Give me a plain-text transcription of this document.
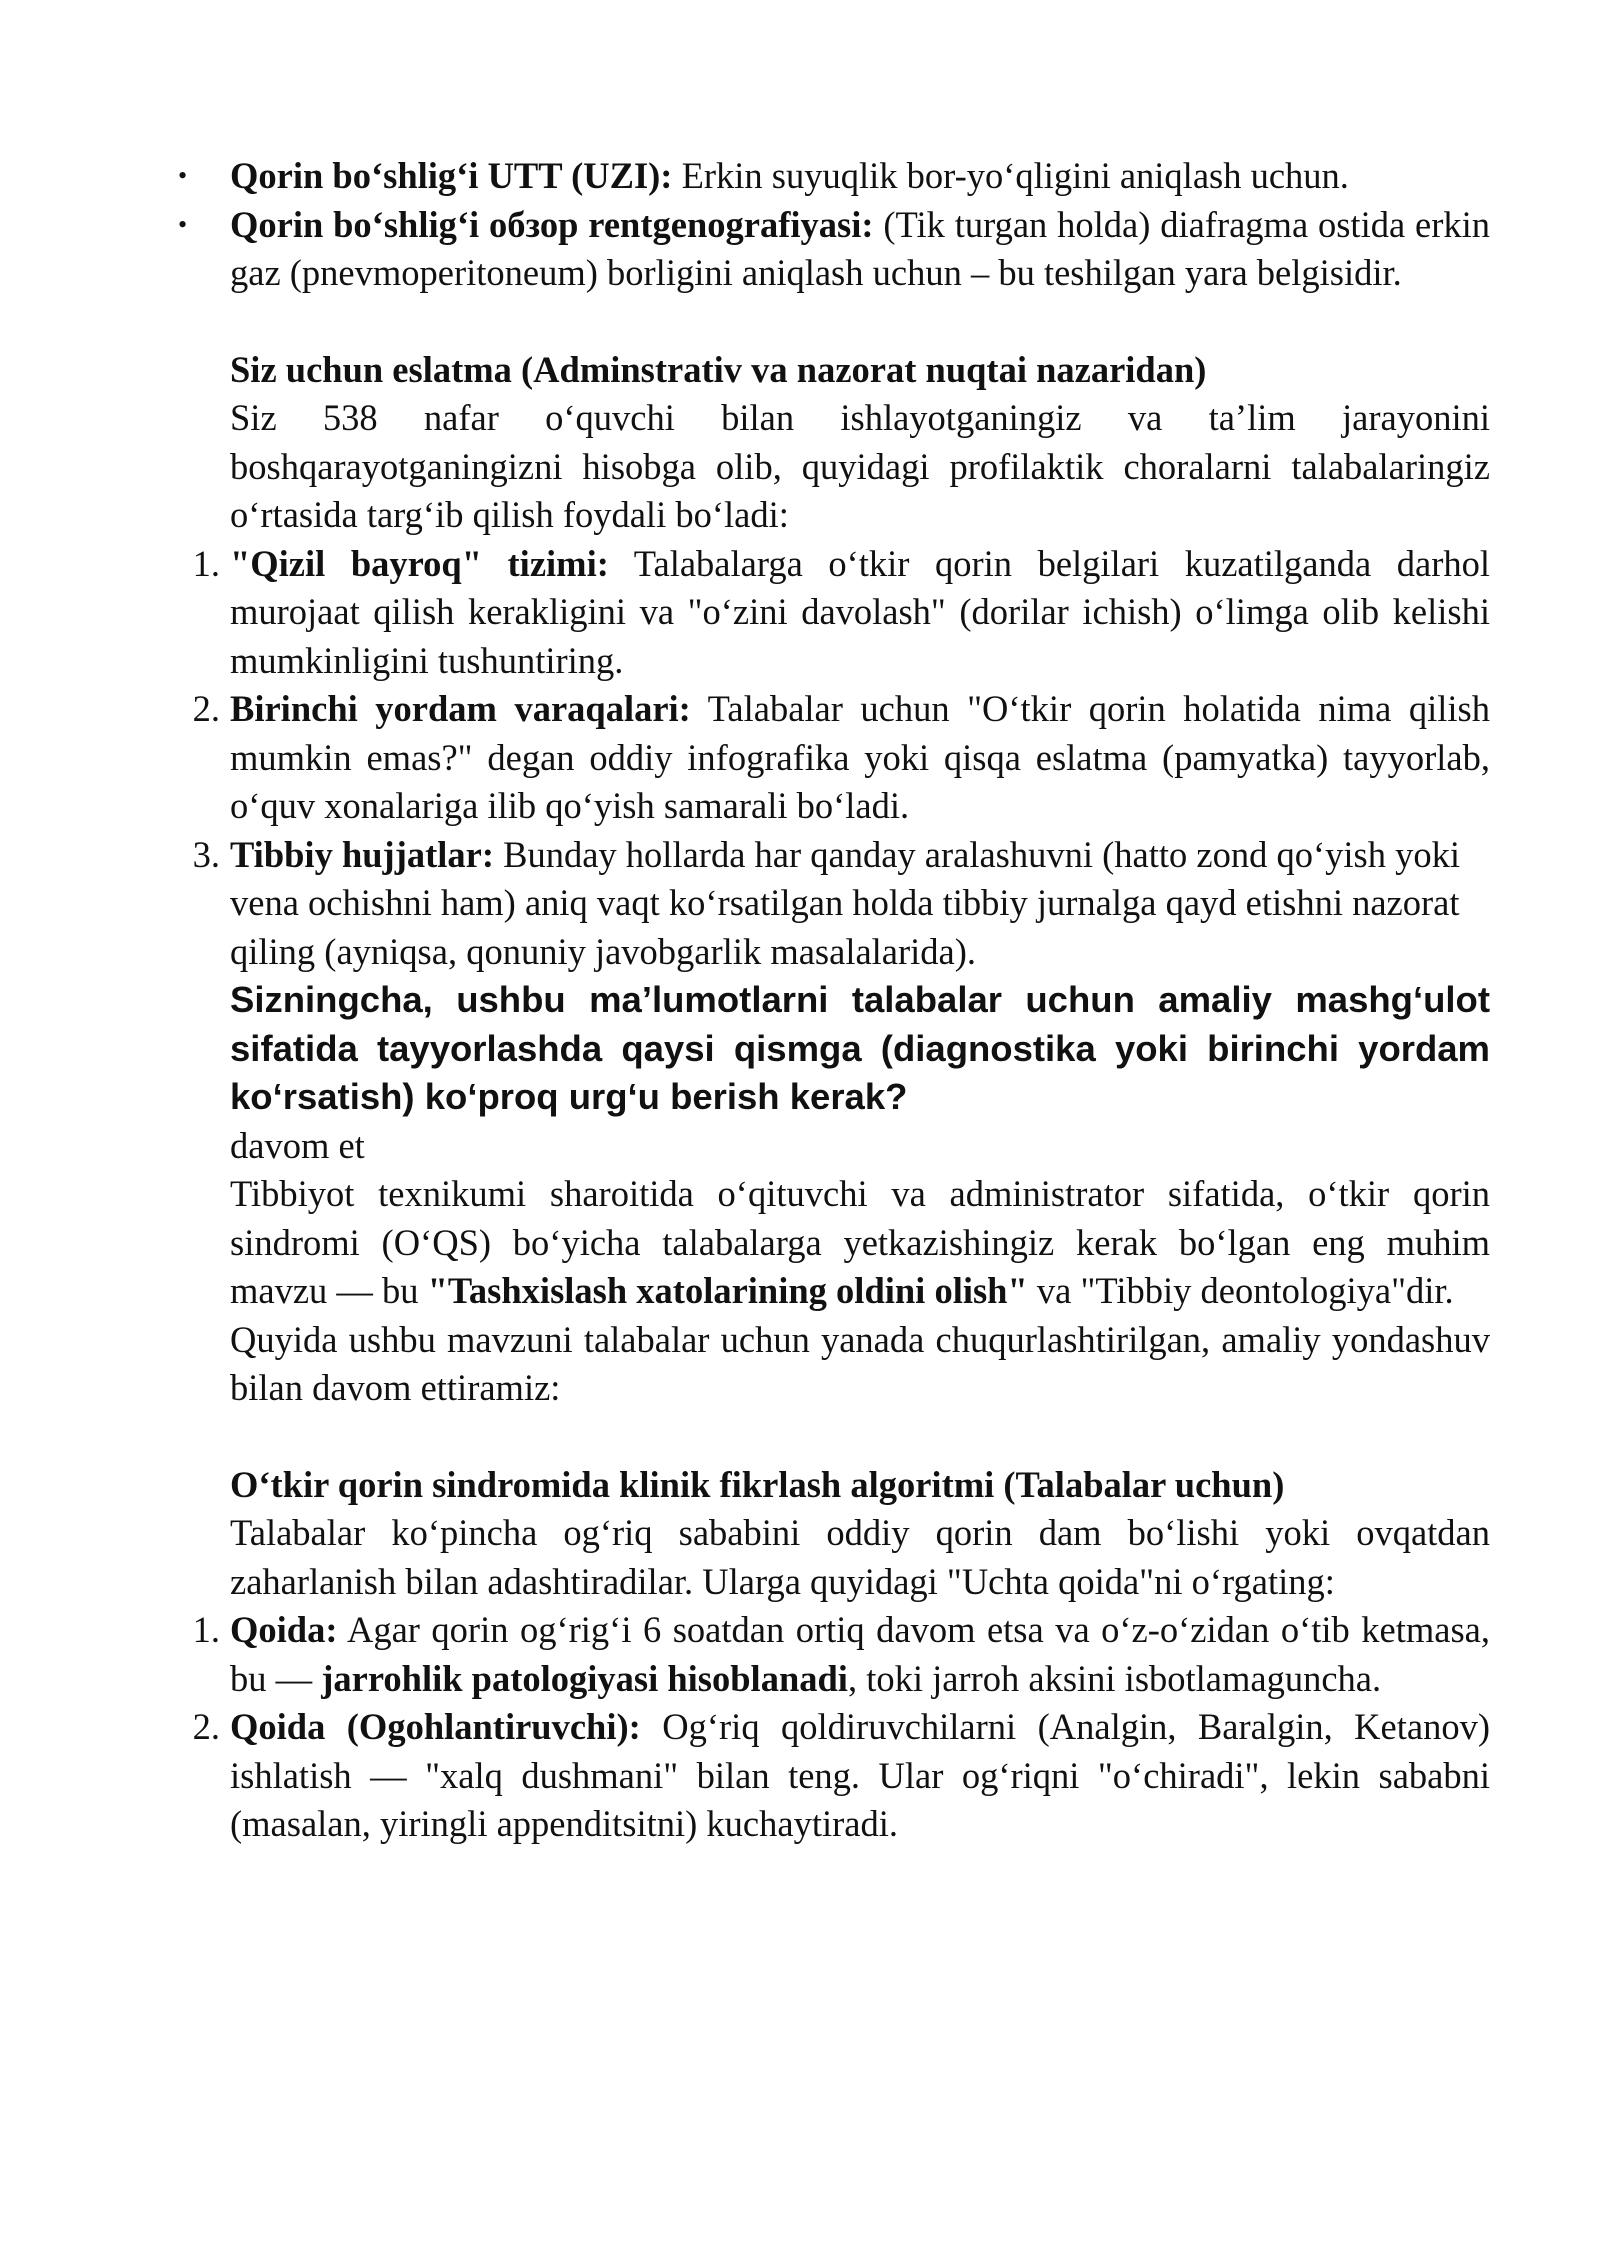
• Qorin bo‘shlig‘i UTT (UZI): Erkin suyuqlik bor-yo‘qligini aniqlash uchun.

• Qorin bo‘shlig‘i обзор rentgenografiyasi: (Tik turgan holda) diafragma ostida erkin gaz (pnevmoperitoneum) borligini aniqlash uchun – bu teshilgan yara belgisidir.

Siz uchun eslatma (Adminstrativ va nazorat nuqtai nazaridan)

Siz 538 nafar o‘quvchi bilan ishlayotganingiz va ta’lim jarayonini boshqarayotganingizni hisobga olib, quyidagi profilaktik choralarni talabalaringiz o‘rtasida targ‘ib qilish foydali bo‘ladi:

1. "Qizil bayroq" tizimi: Talabalarga o‘tkir qorin belgilari kuzatilganda darhol murojaat qilish kerakligini va "o‘zini davolash" (dorilar ichish) o‘limga olib kelishi mumkinligini tushuntiring.

2. Birinchi yordam varaqalari: Talabalar uchun "O‘tkir qorin holatida nima qilish mumkin emas?" degan oddiy infografika yoki qisqa eslatma (pamyatka) tayyorlab, o‘quv xonalariga ilib qo‘yish samarali bo‘ladi.

3. Tibbiy hujjatlar: Bunday hollarda har qanday aralashuvni (hatto zond qo‘yish yoki vena ochishni ham) aniq vaqt ko‘rsatilgan holda tibbiy jurnalga qayd etishni nazorat qiling (ayniqsa, qonuniy javobgarlik masalalarida).

Sizningcha, ushbu ma’lumotlarni talabalar uchun amaliy mashg‘ulot sifatida tayyorlashda qaysi qismga (diagnostika yoki birinchi yordam ko‘rsatish) ko‘proq urg‘u berish kerak?

davom et

Tibbiyot texnikumi sharoitida o‘qituvchi va administrator sifatida, o‘tkir qorin sindromi (O‘QS) bo‘yicha talabalarga yetkazishingiz kerak bo‘lgan eng muhim mavzu — bu "Tashxislash xatolarining oldini olish" va "Tibbiy deontologiya"dir.

Quyida ushbu mavzuni talabalar uchun yanada chuqurlashtirilgan, amaliy yondashuv bilan davom ettiramiz:

O‘tkir qorin sindromida klinik fikrlash algoritmi (Talabalar uchun)

Talabalar ko‘pincha og‘riq sababini oddiy qorin dam bo‘lishi yoki ovqatdan zaharlanish bilan adashtiradilar. Ularga quyidagi "Uchta qoida"ni o‘rgating:

1. Qoida: Agar qorin og‘rig‘i 6 soatdan ortiq davom etsa va o‘z-o‘zidan o‘tib ketmasa, bu — jarrohlik patologiyasi hisoblanadi, toki jarroh aksini isbotlamaguncha.

2. Qoida (Ogohlantiruvchi): Og‘riq qoldiruvchilarni (Analgin, Baralgin, Ketanov) ishlatish — "xalq dushmani" bilan teng. Ular og‘riqni "o‘chiradi", lekin sababni (masalan, yiringli appenditsitni) kuchaytiradi.
